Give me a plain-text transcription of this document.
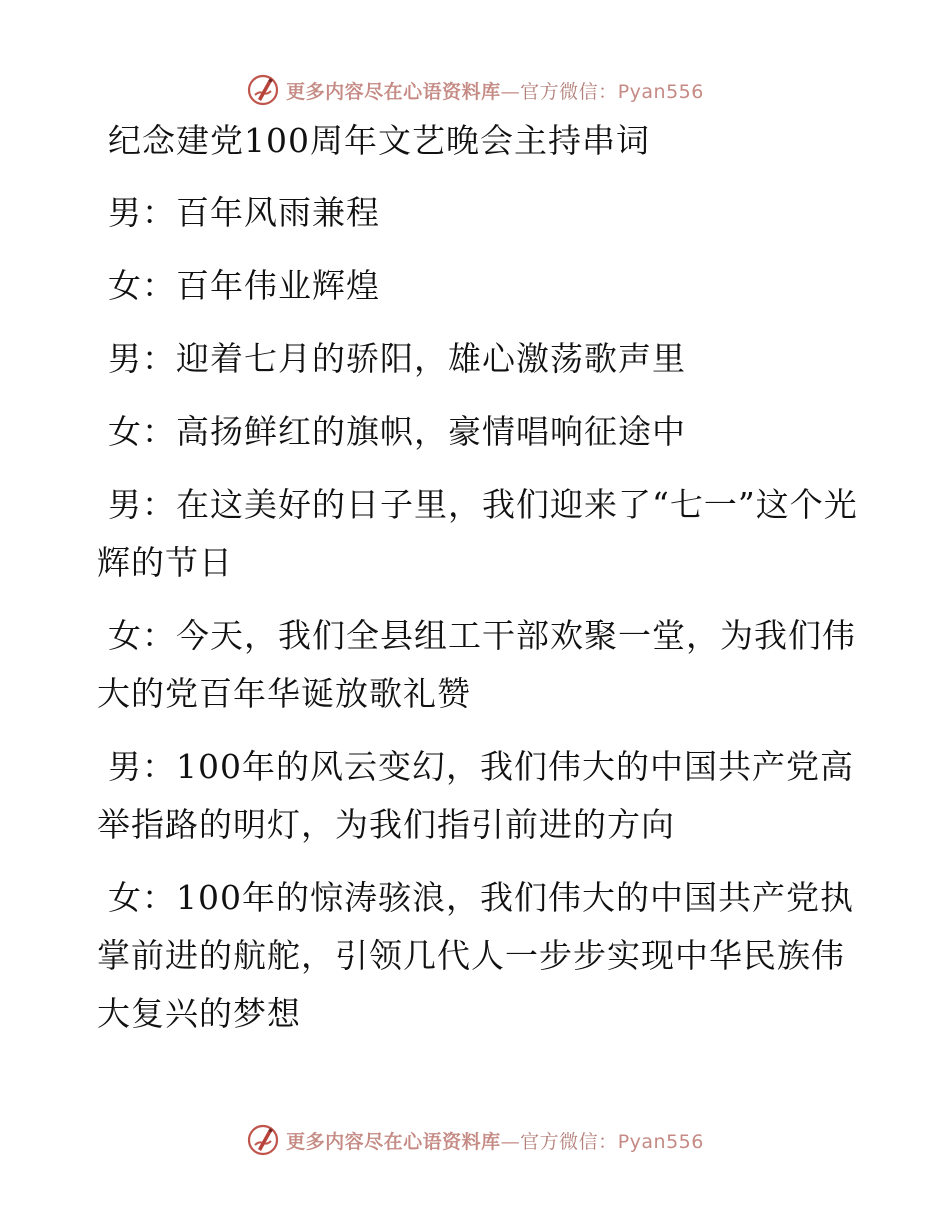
更多内容尽在心语资料库—官方微信：Pyan556

纪念建党100周年文艺晚会主持串词

男：百年风雨兼程

女：百年伟业辉煌

男：迎着七月的骄阳，雄心激荡歌声里

女：高扬鲜红的旗帜，豪情唱响征途中

男：在这美好的日子里，我们迎来了“七一”这个光辉的节日

女：今天，我们全县组工干部欢聚一堂，为我们伟大的党百年华诞放歌礼赞

男：100年的风云变幻，我们伟大的中国共产党高举指路的明灯，为我们指引前进的方向

女：100年的惊涛骇浪，我们伟大的中国共产党执掌前进的航舵，引领几代人一步步实现中华民族伟大复兴的梦想

更多内容尽在心语资料库—官方微信：Pyan556
